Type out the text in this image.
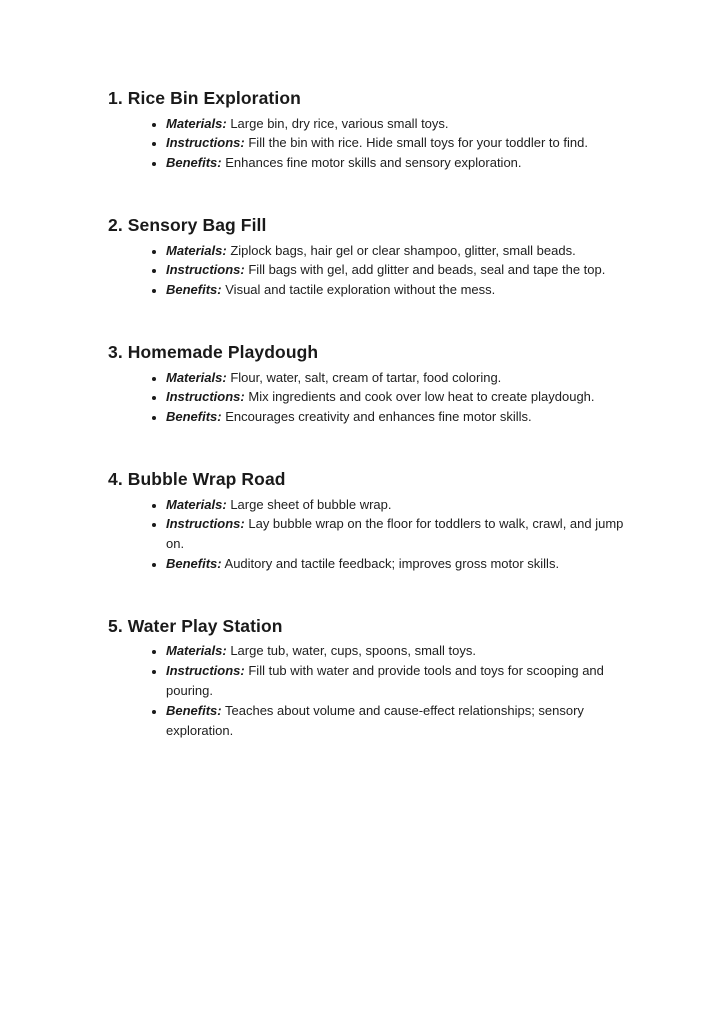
1. Rice Bin Exploration
• Materials: Large bin, dry rice, various small toys.
• Instructions: Fill the bin with rice. Hide small toys for your toddler to find.
• Benefits: Enhances fine motor skills and sensory exploration.
2. Sensory Bag Fill
• Materials: Ziplock bags, hair gel or clear shampoo, glitter, small beads.
• Instructions: Fill bags with gel, add glitter and beads, seal and tape the top.
• Benefits: Visual and tactile exploration without the mess.
3. Homemade Playdough
• Materials: Flour, water, salt, cream of tartar, food coloring.
• Instructions: Mix ingredients and cook over low heat to create playdough.
• Benefits: Encourages creativity and enhances fine motor skills.
4. Bubble Wrap Road
• Materials: Large sheet of bubble wrap.
• Instructions: Lay bubble wrap on the floor for toddlers to walk, crawl, and jump on.
• Benefits: Auditory and tactile feedback; improves gross motor skills.
5. Water Play Station
• Materials: Large tub, water, cups, spoons, small toys.
• Instructions: Fill tub with water and provide tools and toys for scooping and pouring.
• Benefits: Teaches about volume and cause-effect relationships; sensory exploration.
